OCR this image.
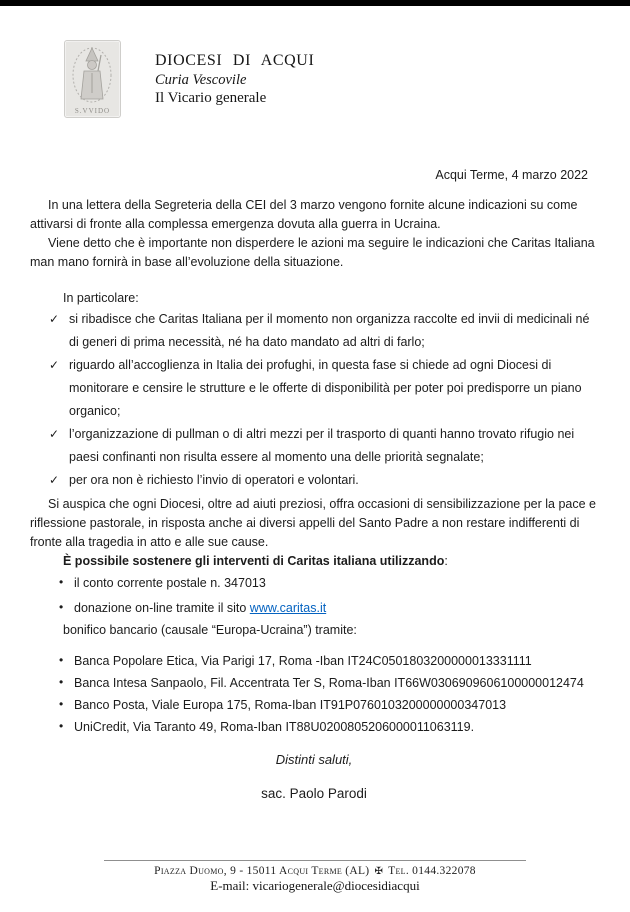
S.VVIDO
DIOCESI DI ACQUI
Curia Vescovile
Il Vicario generale
Acqui Terme, 4 marzo 2022

In una lettera della Segreteria della CEI del 3 marzo vengono fornite alcune indicazioni su come attivarsi di fronte alla complessa emergenza dovuta alla guerra in Ucraina.

Viene detto che è importante non disperdere le azioni ma seguire le indicazioni che Caritas Italiana man mano fornirà in base all’evoluzione della situazione.

In particolare:
✓ si ribadisce che Caritas Italiana per il momento non organizza raccolte ed invii di medicinali né di generi di prima necessità, né ha dato mandato ad altri di farlo;
✓ riguardo all’accoglienza in Italia dei profughi, in questa fase si chiede ad ogni Diocesi di monitorare e censire le strutture e le offerte di disponibilità per poter poi predisporre un piano organico;
✓ l’organizzazione di pullman o di altri mezzi per il trasporto di quanti hanno trovato rifugio nei paesi confinanti non risulta essere al momento una delle priorità segnalate;
✓ per ora non è richiesto l’invio di operatori e volontari.

Si auspica che ogni Diocesi, oltre ad aiuti preziosi, offra occasioni di sensibilizzazione per la pace e riflessione pastorale, in risposta anche ai diversi appelli del Santo Padre a non restare indifferenti di fronte alla tragedia in atto e alle sue cause.

È possibile sostenere gli interventi di Caritas italiana utilizzando:
• il conto corrente postale n. 347013
• donazione on-line tramite il sito www.caritas.it
bonifico bancario (causale “Europa-Ucraina”) tramite:
• Banca Popolare Etica, Via Parigi 17, Roma -Iban IT24C0501803200000013331111
• Banca Intesa Sanpaolo, Fil. Accentrata Ter S, Roma-Iban IT66W0306909606100000012474
• Banco Posta, Viale Europa 175, Roma-Iban IT91P0760103200000000347013
• UniCredit, Via Taranto 49, Roma-Iban IT88U0200805206000011063119.
Distinti saluti,
sac. Paolo Parodi
Piazza Duomo, 9 - 15011 Acqui Terme (AL) ✠ Tel. 0144.322078
E-mail: vicariogenerale@diocesidiacqui
